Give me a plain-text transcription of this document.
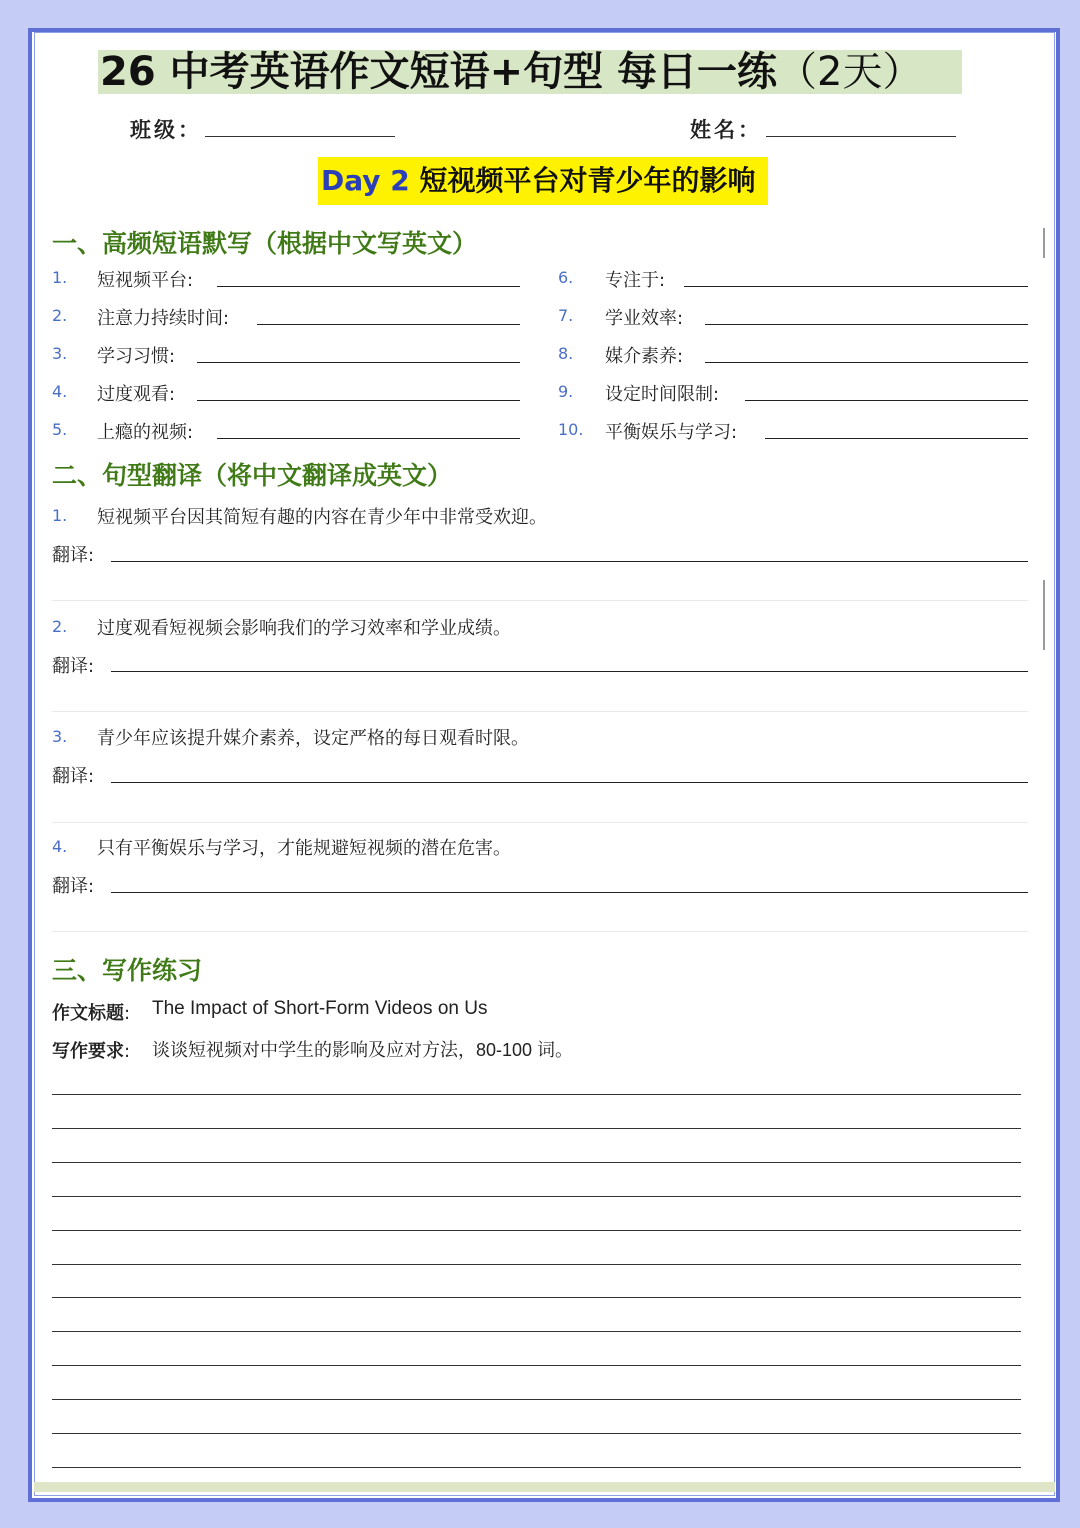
26 中考英语作文短语+句型 每日一练（2天）
班级：	姓名：
Day 2 短视频平台对青少年的影响
一、高频短语默写（根据中文写英文）
1. 短视频平台:
2. 注意力持续时间:
3. 学习习惯:
4. 过度观看:
5. 上瘾的视频:
6. 专注于:
7. 学业效率:
8. 媒介素养:
9. 设定时间限制:
10. 平衡娱乐与学习:
二、句型翻译（将中文翻译成英文）
1. 短视频平台因其简短有趣的内容在青少年中非常受欢迎。
翻译:
2. 过度观看短视频会影响我们的学习效率和学业成绩。
翻译:
3. 青少年应该提升媒介素养，设定严格的每日观看时限。
翻译:
4. 只有平衡娱乐与学习，才能规避短视频的潜在危害。
翻译:
三、写作练习
作文标题: The Impact of Short-Form Videos on Us
写作要求: 谈谈短视频对中学生的影响及应对方法，80-100 词。
